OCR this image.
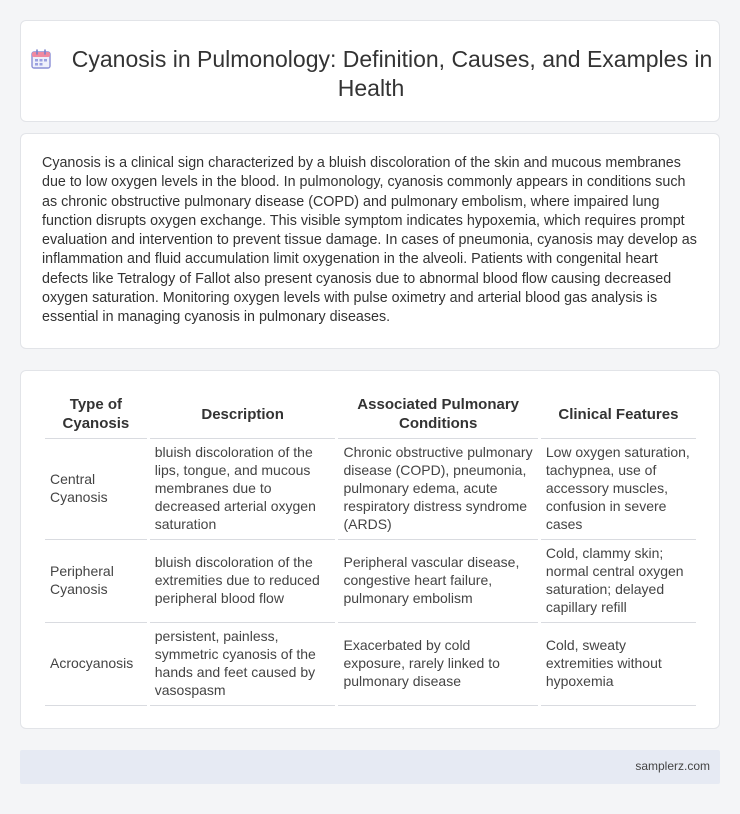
Cyanosis in Pulmonology: Definition, Causes, and Examples in Health

Cyanosis is a clinical sign characterized by a bluish discoloration of the skin and mucous membranes due to low oxygen levels in the blood. In pulmonology, cyanosis commonly appears in conditions such as chronic obstructive pulmonary disease (COPD) and pulmonary embolism, where impaired lung function disrupts oxygen exchange. This visible symptom indicates hypoxemia, which requires prompt evaluation and intervention to prevent tissue damage. In cases of pneumonia, cyanosis may develop as inflammation and fluid accumulation limit oxygenation in the alveoli. Patients with congenital heart defects like Tetralogy of Fallot also present cyanosis due to abnormal blood flow causing decreased oxygen saturation. Monitoring oxygen levels with pulse oximetry and arterial blood gas analysis is essential in managing cyanosis in pulmonary diseases.

Type of Cyanosis	Description	Associated Pulmonary Conditions	Clinical Features
Central Cyanosis	bluish discoloration of the lips, tongue, and mucous membranes due to decreased arterial oxygen saturation	Chronic obstructive pulmonary disease (COPD), pneumonia, pulmonary edema, acute respiratory distress syndrome (ARDS)	Low oxygen saturation, tachypnea, use of accessory muscles, confusion in severe cases
Peripheral Cyanosis	bluish discoloration of the extremities due to reduced peripheral blood flow	Peripheral vascular disease, congestive heart failure, pulmonary embolism	Cold, clammy skin; normal central oxygen saturation; delayed capillary refill
Acrocyanosis	persistent, painless, symmetric cyanosis of the hands and feet caused by vasospasm	Exacerbated by cold exposure, rarely linked to pulmonary disease	Cold, sweaty extremities without hypoxemia
samplerz.com
